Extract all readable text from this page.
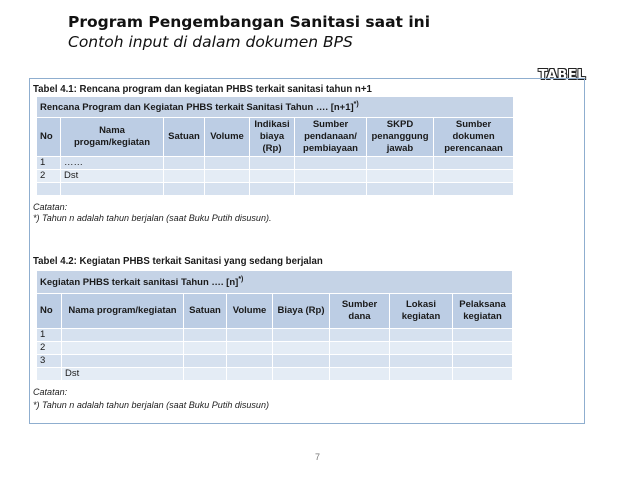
Program Pengembangan Sanitasi saat ini
Contoh input di dalam dokumen BPS
TABEL
Tabel 4.1: Rencana program dan kegiatan PHBS terkait sanitasi tahun n+1
Rencana Program dan Kegiatan PHBS terkait Sanitasi Tahun …. [n+1]*)
No	Nama progam/kegiatan	Satuan	Volume	Indikasi biaya (Rp)	Sumber pendanaan/ pembiayaan	SKPD penanggung jawab	Sumber dokumen perencanaan
1	……						
2	Dst						

Catatan:
*) Tahun n adalah tahun berjalan (saat Buku Putih disusun).
Tabel 4.2: Kegiatan PHBS terkait Sanitasi yang sedang berjalan
Kegiatan PHBS terkait sanitasi Tahun …. [n]*)
No	Nama program/kegiatan	Satuan	Volume	Biaya (Rp)	Sumber dana	Lokasi kegiatan	Pelaksana kegiatan
1							
2							
3							
	Dst						
Catatan:
*) Tahun n adalah tahun berjalan (saat Buku Putih disusun)
7
